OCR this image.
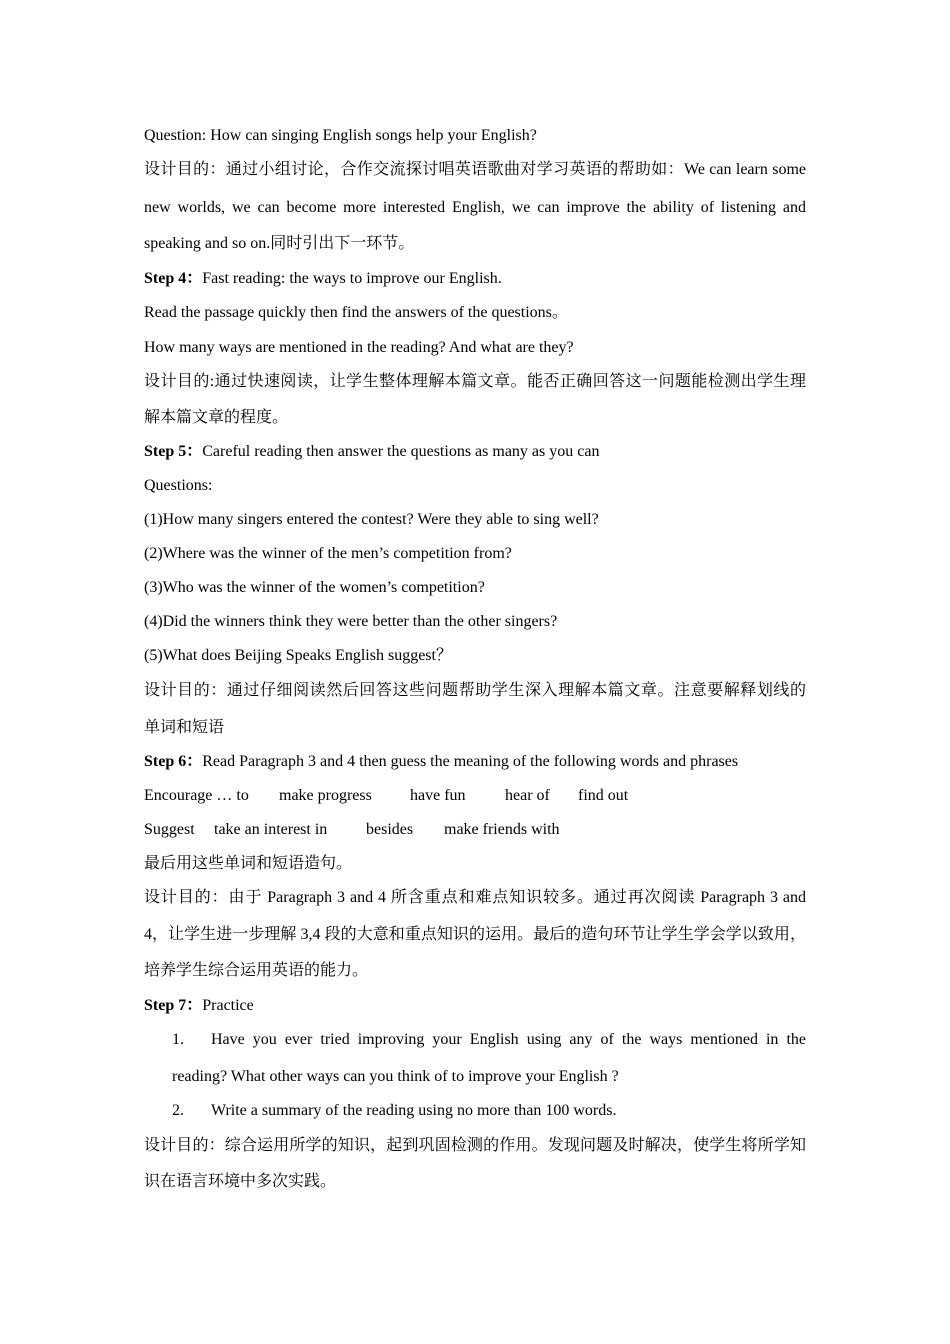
Question: How can singing English songs help your English?
设计目的：通过小组讨论，合作交流探讨唱英语歌曲对学习英语的帮助如：We can learn some
new worlds, we can become more interested English, we can improve the ability of listening and
speaking and so on.同时引出下一环节。
Step 4：Fast reading: the ways to improve our English.
Read the passage quickly then find the answers of the questions。
How many ways are mentioned in the reading? And what are they?
设计目的:通过快速阅读，让学生整体理解本篇文章。能否正确回答这一问题能检测出学生理
解本篇文章的程度。
Step 5：Careful reading then answer the questions as many as you can
Questions:
(1)How many singers entered the contest? Were they able to sing well?
(2)Where was the winner of the men’s competition from?
(3)Who was the winner of the women’s competition?
(4)Did the winners think they were better than the other singers?
(5)What does Beijing Speaks English suggest？
设计目的：通过仔细阅读然后回答这些问题帮助学生深入理解本篇文章。注意要解释划线的
单词和短语
Step 6：Read Paragraph 3 and 4 then guess the meaning of the following words and phrases
Encourage … to make progress have fun hear of find out
Suggest take an interest in besides make friends with
最后用这些单词和短语造句。
设计目的：由于 Paragraph 3 and 4 所含重点和难点知识较多。通过再次阅读 Paragraph 3 and
4，让学生进一步理解 3,4 段的大意和重点知识的运用。最后的造句环节让学生学会学以致用，
培养学生综合运用英语的能力。
Step 7：Practice
1. Have you ever tried improving your English using any of the ways mentioned in the
reading? What other ways can you think of to improve your English ?
2. Write a summary of the reading using no more than 100 words.
设计目的：综合运用所学的知识，起到巩固检测的作用。发现问题及时解决，使学生将所学知
识在语言环境中多次实践。
